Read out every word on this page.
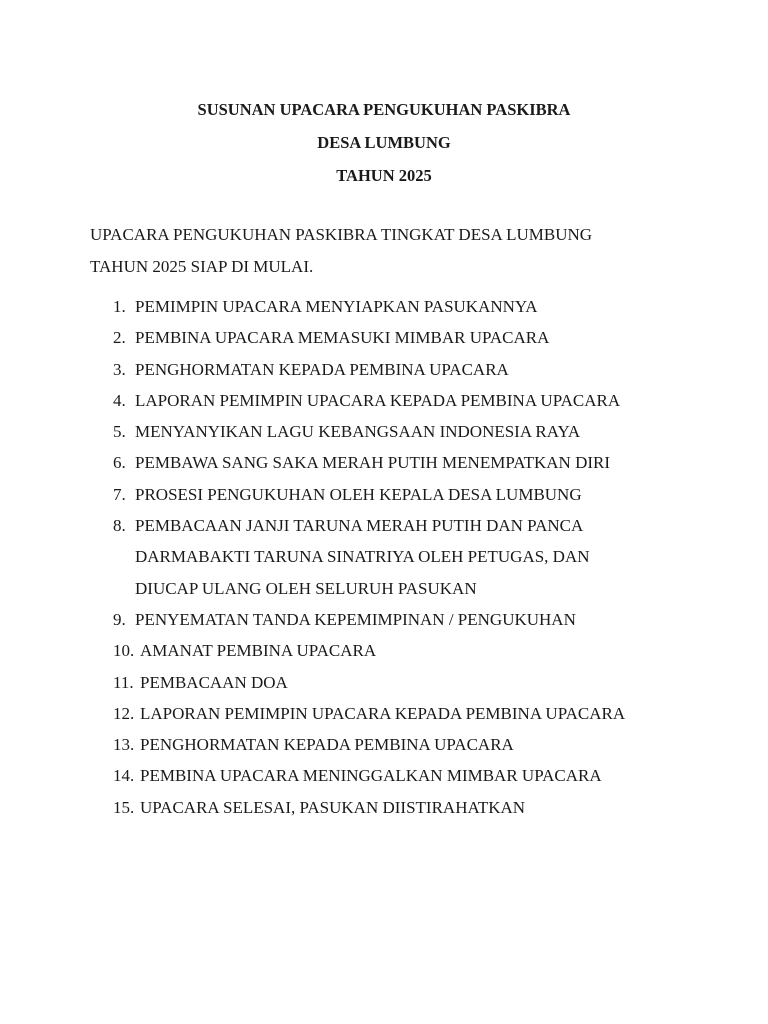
SUSUNAN UPACARA PENGUKUHAN PASKIBRA
DESA LUMBUNG
TAHUN 2025
UPACARA PENGUKUHAN PASKIBRA TINGKAT DESA LUMBUNG
TAHUN 2025 SIAP DI MULAI.
1. PEMIMPIN UPACARA MENYIAPKAN PASUKANNYA
2. PEMBINA UPACARA MEMASUKI MIMBAR UPACARA
3. PENGHORMATAN KEPADA PEMBINA UPACARA
4. LAPORAN PEMIMPIN UPACARA KEPADA PEMBINA UPACARA
5. MENYANYIKAN LAGU KEBANGSAAN INDONESIA RAYA
6. PEMBAWA SANG SAKA MERAH PUTIH MENEMPATKAN DIRI
7. PROSESI PENGUKUHAN OLEH KEPALA DESA LUMBUNG
8. PEMBACAAN JANJI TARUNA MERAH PUTIH DAN PANCA
DARMABAKTI TARUNA SINATRIYA OLEH PETUGAS, DAN
DIUCAP ULANG OLEH SELURUH PASUKAN
9. PENYEMATAN TANDA KEPEMIMPINAN / PENGUKUHAN
10. AMANAT PEMBINA UPACARA
11. PEMBACAAN DOA
12. LAPORAN PEMIMPIN UPACARA KEPADA PEMBINA UPACARA
13. PENGHORMATAN KEPADA PEMBINA UPACARA
14. PEMBINA UPACARA MENINGGALKAN MIMBAR UPACARA
15. UPACARA SELESAI, PASUKAN DIISTIRAHATKAN
